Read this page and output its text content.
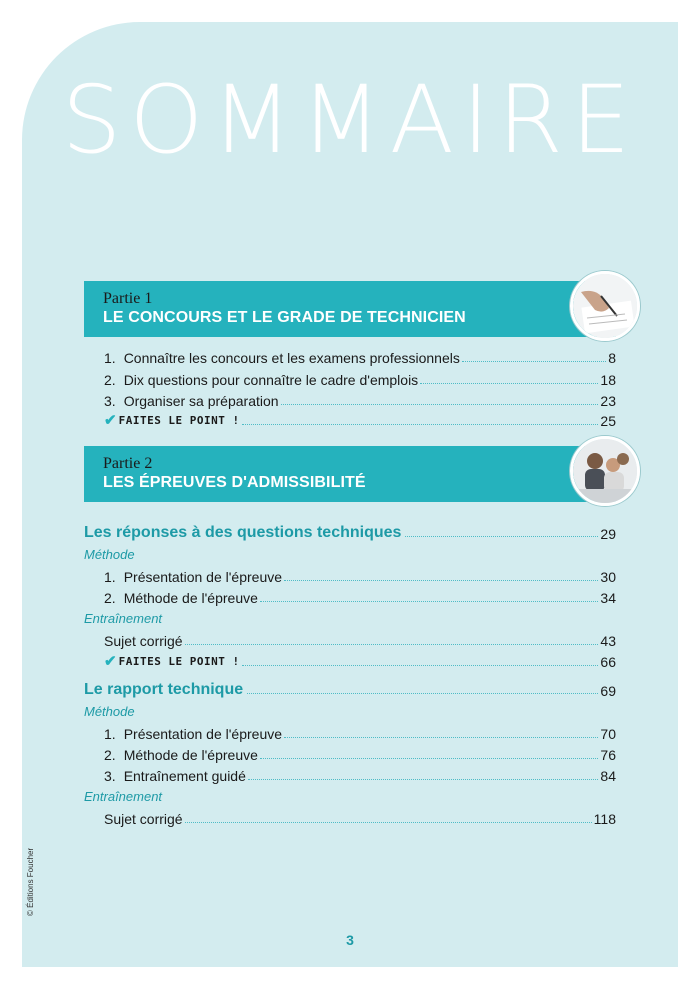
SOMMAIRE
Partie 1
LE CONCOURS ET LE GRADE DE TECHNICIEN
1. Connaître les concours et les examens professionnels	8
2. Dix questions pour connaître le cadre d'emplois	18
3. Organiser sa préparation	23
✔ FAITES LE POINT !	25
Partie 2
LES ÉPREUVES D'ADMISSIBILITÉ
Les réponses à des questions techniques	29
Méthode
1. Présentation de l'épreuve	30
2. Méthode de l'épreuve	34
Entraînement
Sujet corrigé	43
✔ FAITES LE POINT !	66
Le rapport technique	69
Méthode
1. Présentation de l'épreuve	70
2. Méthode de l'épreuve	76
3. Entraînement guidé	84
Entraînement
Sujet corrigé	118
© Éditions Foucher
3
